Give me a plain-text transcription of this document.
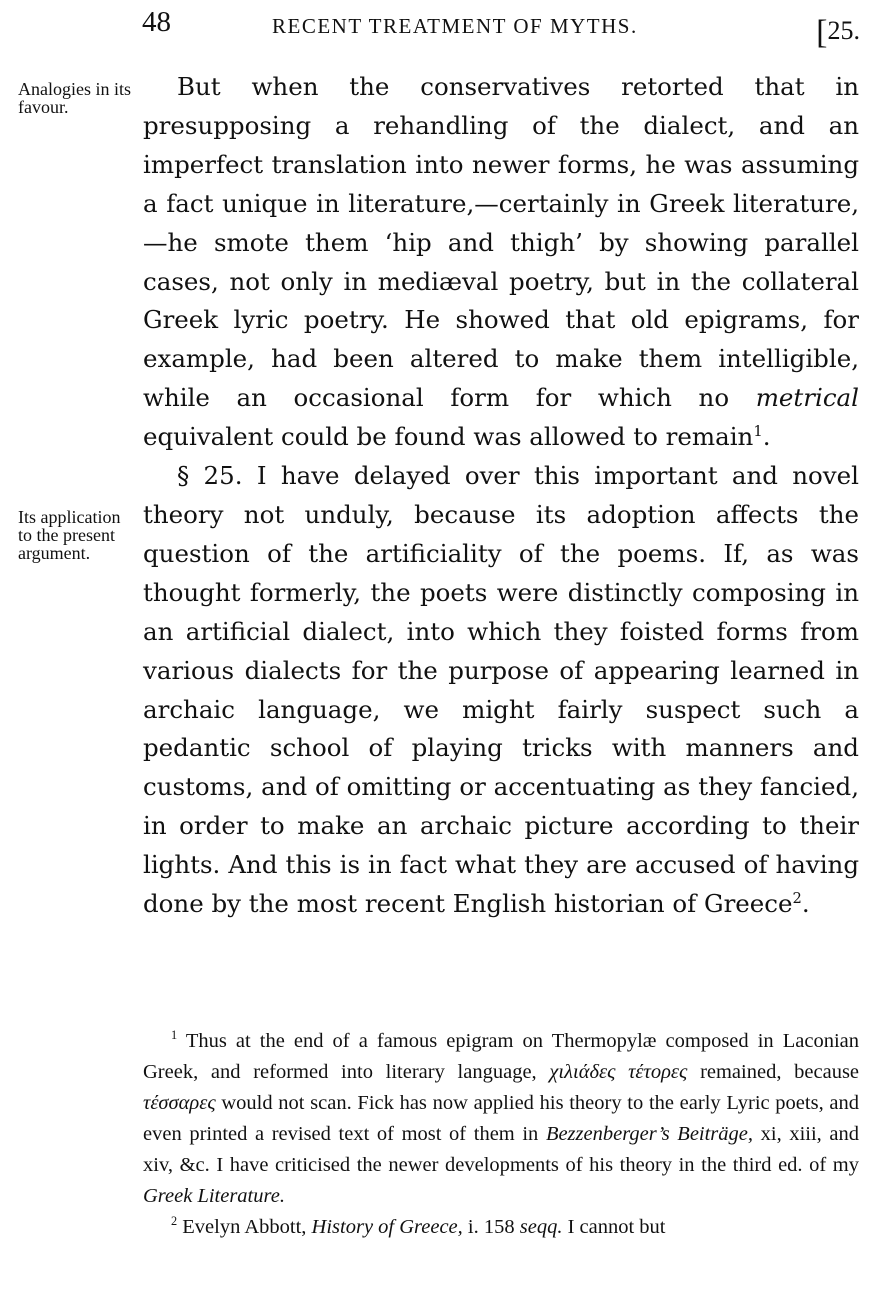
48	RECENT TREATMENT OF MYTHS.	[25.
Analogies in its favour.
Its application to the present argument.

But when the conservatives retorted that in presupposing a rehandling of the dialect, and an imperfect translation into newer forms, he was assuming a fact unique in literature,—certainly in Greek literature,—he smote them ‘hip and thigh’ by showing parallel cases, not only in mediæval poetry, but in the collateral Greek lyric poetry. He showed that old epigrams, for example, had been altered to make them intelligible, while an occasional form for which no metrical equivalent could be found was allowed to remain$^1$.

§ 25. I have delayed over this important and novel theory not unduly, because its adoption affects the question of the artificiality of the poems. If, as was thought formerly, the poets were distinctly composing in an artificial dialect, into which they foisted forms from various dialects for the purpose of appearing learned in archaic language, we might fairly suspect such a pedantic school of playing tricks with manners and customs, and of omitting or accentuating as they fancied, in order to make an archaic picture according to their lights. And this is in fact what they are accused of having done by the most recent English historian of Greece$^2$.

$^1$ Thus at the end of a famous epigram on Thermopylæ composed in Laconian Greek, and reformed into literary language, χιλιάδες τέτορες remained, because τέσσαρες would not scan. Fick has now applied his theory to the early Lyric poets, and even printed a revised text of most of them in Bezzenberger’s Beiträge, xi, xiii, and xiv, &c. I have criticised the newer developments of his theory in the third ed. of my Greek Literature.

$^2$ Evelyn Abbott, History of Greece, i. 158 seqq. I cannot but
